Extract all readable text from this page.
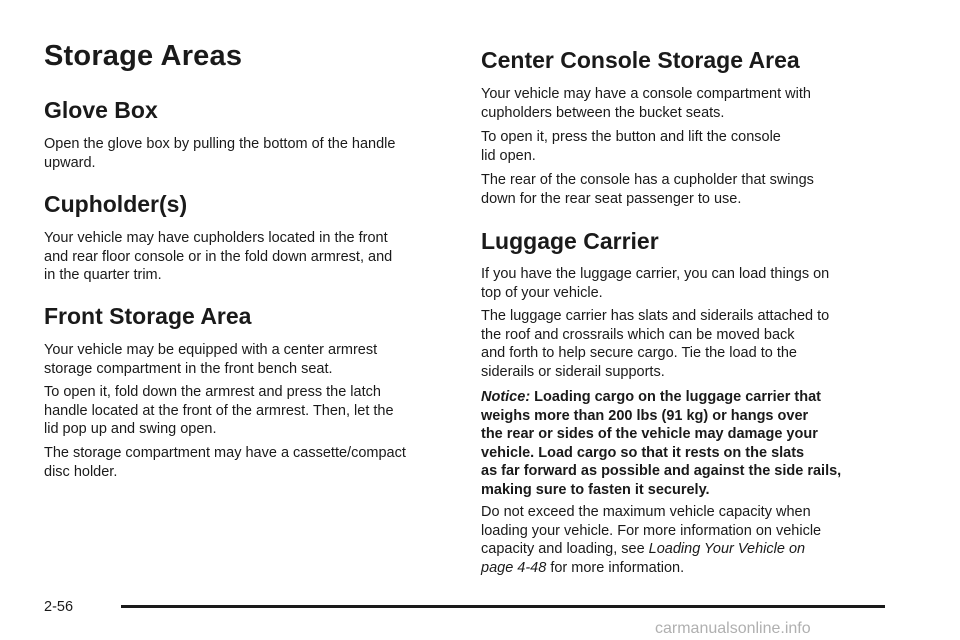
Storage Areas
Glove Box

Open the glove box by pulling the bottom of the handle
upward.

Cupholder(s)

Your vehicle may have cupholders located in the front
and rear floor console or in the fold down armrest, and
in the quarter trim.

Front Storage Area

Your vehicle may be equipped with a center armrest
storage compartment in the front bench seat.

To open it, fold down the armrest and press the latch
handle located at the front of the armrest. Then, let the
lid pop up and swing open.

The storage compartment may have a cassette/compact
disc holder.

Center Console Storage Area

Your vehicle may have a console compartment with
cupholders between the bucket seats.

To open it, press the button and lift the console
lid open.

The rear of the console has a cupholder that swings
down for the rear seat passenger to use.

Luggage Carrier

If you have the luggage carrier, you can load things on
top of your vehicle.

The luggage carrier has slats and siderails attached to
the roof and crossrails which can be moved back
and forth to help secure cargo. Tie the load to the
siderails or siderail supports.

Notice: Loading cargo on the luggage carrier that
weighs more than 200 lbs (91 kg) or hangs over
the rear or sides of the vehicle may damage your
vehicle. Load cargo so that it rests on the slats
as far forward as possible and against the side rails,
making sure to fasten it securely.

Do not exceed the maximum vehicle capacity when
loading your vehicle. For more information on vehicle
capacity and loading, see Loading Your Vehicle on
page 4-48 for more information.

2-56
carmanualsonline.info
